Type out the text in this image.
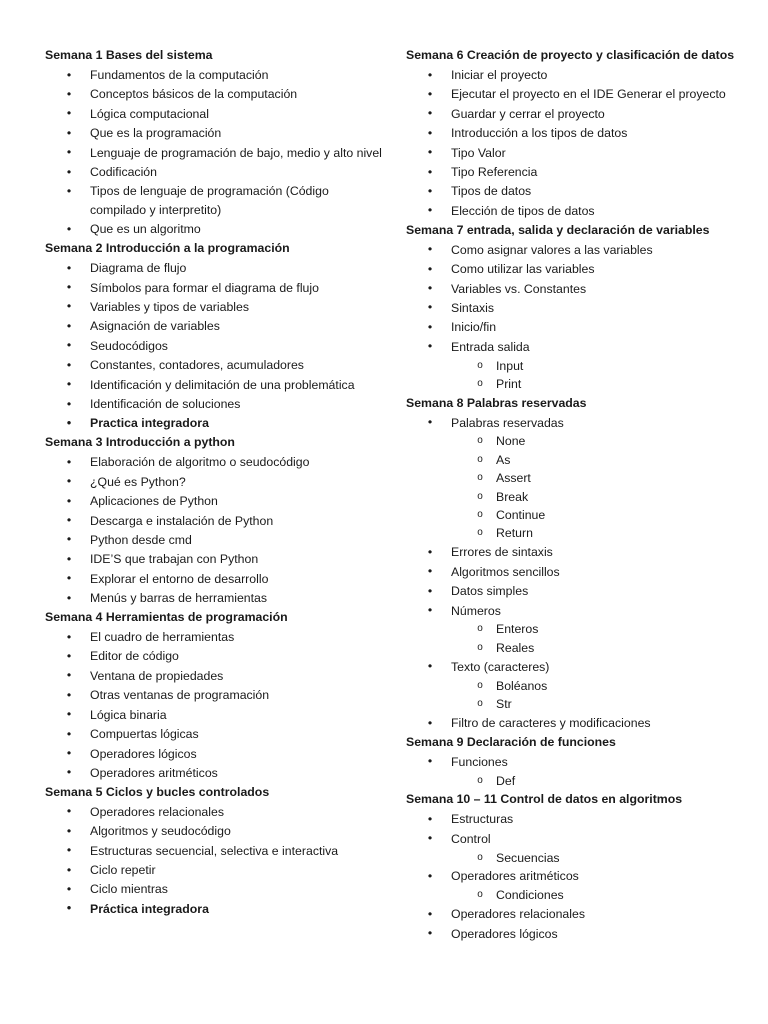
Semana 1 Bases del sistema
• Fundamentos de la computación
• Conceptos básicos de la computación
• Lógica computacional
• Que es la programación
• Lenguaje de programación de bajo, medio y alto nivel
• Codificación
• Tipos de lenguaje de programación (Código compilado y interpretito)
• Que es un algoritmo
Semana 2 Introducción a la programación
• Diagrama de flujo
• Símbolos para formar el diagrama de flujo
• Variables y tipos de variables
• Asignación de variables
• Seudocódigos
• Constantes, contadores, acumuladores
• Identificación y delimitación de una problemática
• Identificación de soluciones
• Practica integradora
Semana 3 Introducción a python
• Elaboración de algoritmo o seudocódigo
• ¿Qué es Python?
• Aplicaciones de Python
• Descarga e instalación de Python
• Python desde cmd
• IDE’S que trabajan con Python
• Explorar el entorno de desarrollo
• Menús y barras de herramientas
Semana 4 Herramientas de programación
• El cuadro de herramientas
• Editor de código
• Ventana de propiedades
• Otras ventanas de programación
• Lógica binaria
• Compuertas lógicas
• Operadores lógicos
• Operadores aritméticos
Semana 5 Ciclos y bucles controlados
• Operadores relacionales
• Algoritmos y seudocódigo
• Estructuras secuencial, selectiva e interactiva
• Ciclo repetir
• Ciclo mientras
• Práctica integradora
Semana 6 Creación de proyecto y clasificación de datos
• Iniciar el proyecto
• Ejecutar el proyecto en el IDE Generar el proyecto
• Guardar y cerrar el proyecto
• Introducción a los tipos de datos
• Tipo Valor
• Tipo Referencia
• Tipos de datos
• Elección de tipos de datos
Semana 7 entrada, salida y declaración de variables
• Como asignar valores a las variables
• Como utilizar las variables
• Variables vs. Constantes
• Sintaxis
• Inicio/fin
• Entrada salida
o Input
o Print
Semana 8 Palabras reservadas
• Palabras reservadas
o None
o As
o Assert
o Break
o Continue
o Return
• Errores de sintaxis
• Algoritmos sencillos
• Datos simples
• Números
o Enteros
o Reales
• Texto (caracteres)
o Boléanos
o Str
• Filtro de caracteres y modificaciones
Semana 9 Declaración de funciones
• Funciones
o Def
Semana 10 – 11 Control de datos en algoritmos
• Estructuras
• Control
o Secuencias
• Operadores aritméticos
o Condiciones
• Operadores relacionales
• Operadores lógicos
